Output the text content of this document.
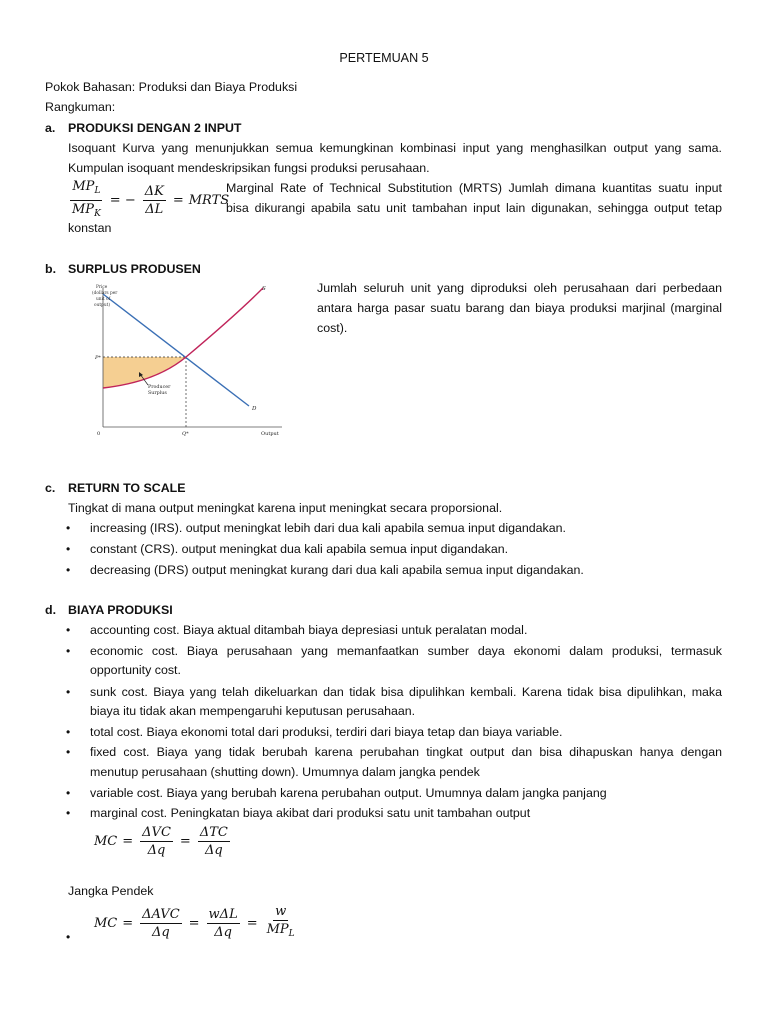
PERTEMUAN 5
Pokok Bahasan: Produksi dan Biaya Produksi
Rangkuman:
a. PRODUKSI DENGAN 2 INPUT
Isoquant Kurva yang menunjukkan semua kemungkinan kombinasi input yang menghasilkan output yang sama.
Kumpulan isoquant mendeskripsikan fungsi produksi perusahaan.
$\frac{MP_L}{MP_K}$ = − $\frac{\Delta K}{\Delta L}$ = MRTS
Marginal Rate of Technical Substitution (MRTS) Jumlah dimana kuantitas suatu input
bisa dikurangi apabila satu unit tambahan input lain digunakan, sehingga output tetap
konstan
b. SURPLUS PRODUSEN
Price
(dollars per
unit of
output)
P*
Q*
0	Output
S
D
Producer
Surplus
Jumlah seluruh unit yang diproduksi oleh perusahaan dari perbedaan
antara harga pasar suatu barang dan biaya produksi marjinal (marginal
cost).
c. RETURN TO SCALE
Tingkat di mana output meningkat karena input meningkat secara proporsional.
• increasing (IRS). output meningkat lebih dari dua kali apabila semua input digandakan.
• constant (CRS). output meningkat dua kali apabila semua input digandakan.
• decreasing (DRS) output meningkat kurang dari dua kali apabila semua input digandakan.
d. BIAYA PRODUKSI
• accounting cost. Biaya aktual ditambah biaya depresiasi untuk peralatan modal.
• economic cost. Biaya perusahaan yang memanfaatkan sumber daya ekonomi dalam produksi, termasuk
opportunity cost.
• sunk cost. Biaya yang telah dikeluarkan dan tidak bisa dipulihkan kembali. Karena tidak bisa dipulihkan, maka
biaya itu tidak akan mempengaruhi keputusan perusahaan.
• total cost. Biaya ekonomi total dari produksi, terdiri dari biaya tetap dan biaya variable.
• fixed cost. Biaya yang tidak berubah karena perubahan tingkat output dan bisa dihapuskan hanya dengan
menutup perusahaan (shutting down). Umumnya dalam jangka pendek
• variable cost. Biaya yang berubah karena perubahan output. Umumnya dalam jangka panjang
• marginal cost. Peningkatan biaya akibat dari produksi satu unit tambahan output
MC = $\frac{\text{ΔVC}}{\Delta q} = \frac{\text{ΔTC}}{\Delta q}$
Jangka Pendek
MC = $\frac{\text{ΔAVC}}{\Delta q} = \frac{\text{wΔL}}{\Delta q} = \frac{w}{MP_L}$
•
